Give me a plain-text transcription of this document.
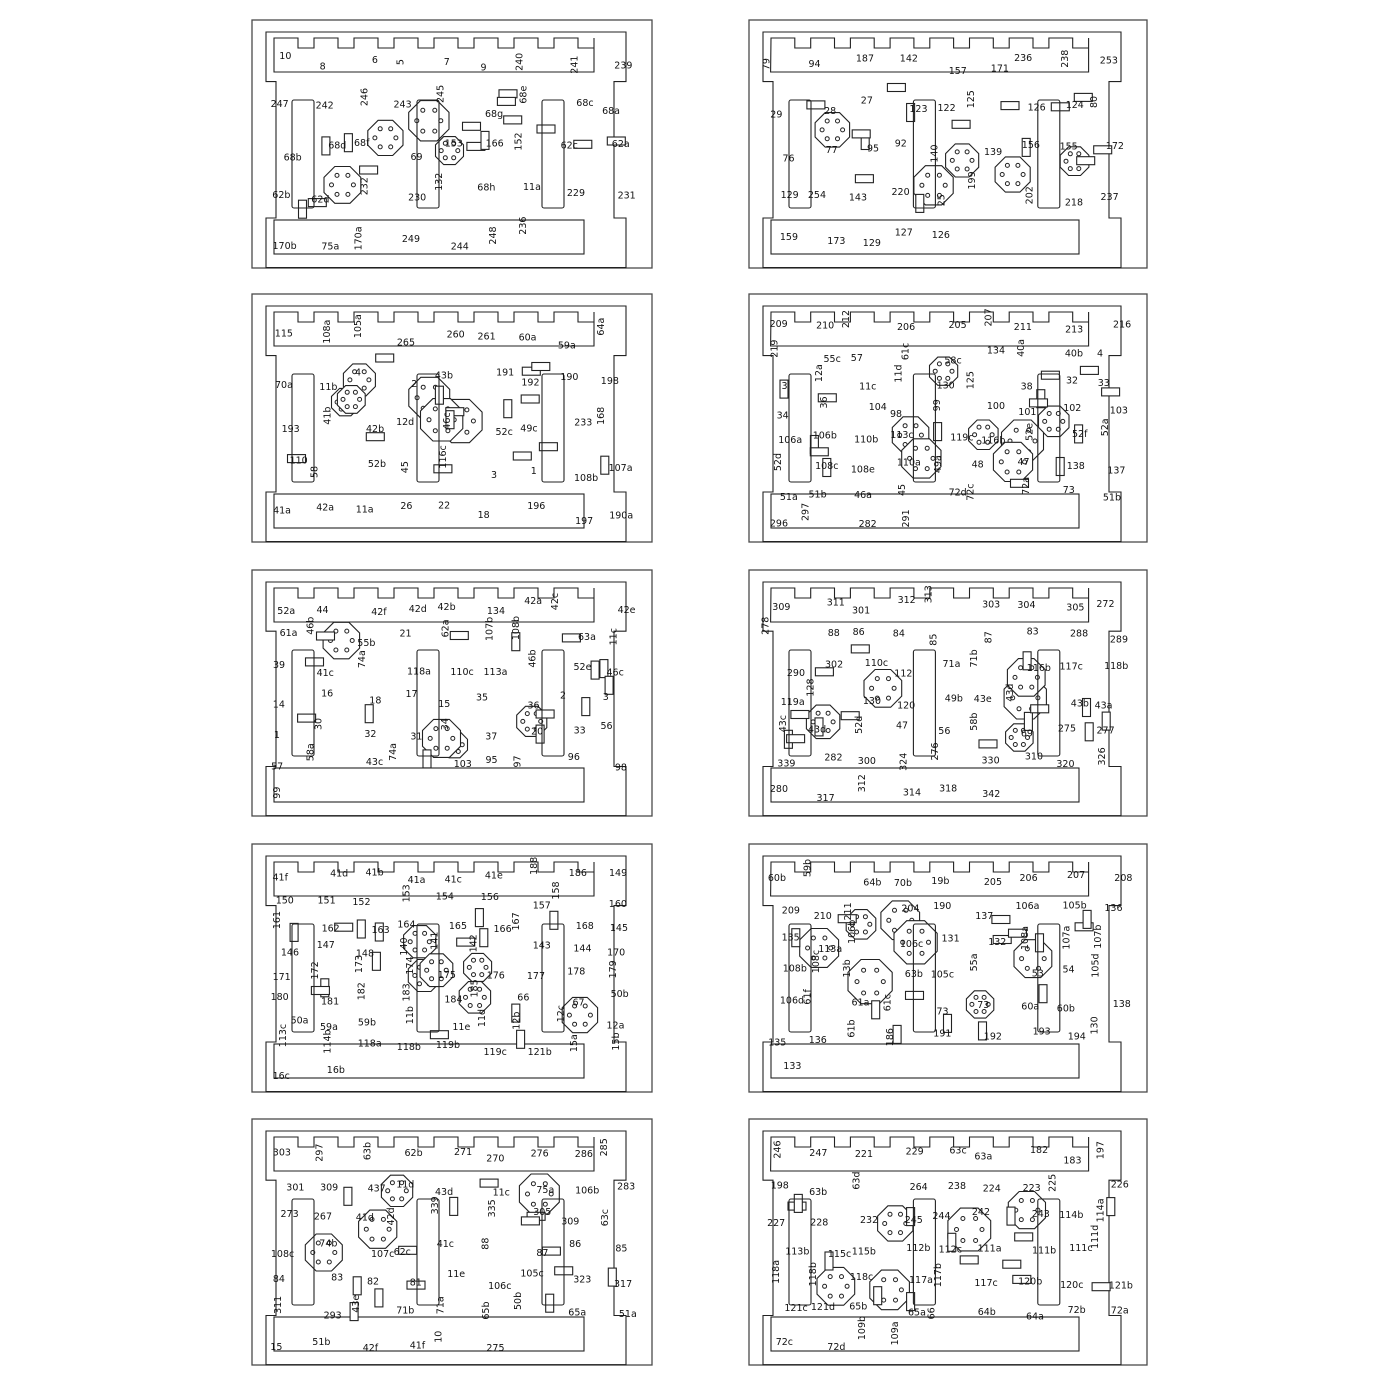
10
8
6 5	7	9	240	241	239
247	242	246 243
245
68g
68e	68c
68a
68b
68d 68f
69
153 166 152	62c	62a
62b 62d
232
230
132	68h	11a
229	231
170b	75a 170a	249
244
248
236
79	94	187	142
157	171
236	238	253
29	28
27
123 122
125	126 124 80
76
77	95 92
140	139
156 155	172
129 254 143	220
25
199
202	218 237
159	173 129
127 126
115	108a 105a
265
260 261 60a
59a
64a
70a	11b
4
2
43b	191
192 190 198
193
41b
42b
12d	46c
52c 49c
233 168
110
58
52b 45	116c
3	1
108b
107a
41a	42a 11a	26	22
18
196
197
190a
209	210 212	206	205 207
211	213	216
219
55c 57	61c
58c
134 40a	40b 4
3
12a
11c
11d
130 125	38
32 33
34
36	104
98
99	100
101	102	103
106a 106b 110b 113c	119c 116b
52e	52f 52a
52d	108c 108e
110a 49a	48	47	138 137
51a 51b	46a	45	72d
72c	72a	73
51b
296
297
282	291
52a 44	42f 42d 42b	134
42a 42c
42e
61a 46b
55b
21	62a	107b 108b	63a 11c
39
41c
74a
118a 110c 113a
46b
52e 46c
14
16
18
17
15
35
36
2	3
1
30
32	31
34
37	20	33 56
57
58a
43c
74a
103 95 97	96
98
99
309	311
301
312 313
303 304	305 272
278	88 86	84 85	87	83	288
289
290
302 110c
112
71a 71b
116b 117c 118b
119a
128
130 120
49b 43e 43d
43b 43a
43c 43d	52d	47	56
58b
69	275 277
339
282 300 324
276
330	310
320 326
280
317
312
314 318
342
41f	41d 41b
41a 41c 41e
188	186 149
150 151 152
153 154	156
157
158
160
161	162	163 164	165	166 167	168 145
146
147
148	140 141	142	143 144 170
171 172	173	174
175	176 177 178 179
180	181
182	183	184
185
66	67
50b
50a
59a 59b	11b
11e
11d 12b	12c
12a
113c	114b	118a 118b 119b
119c 121b
15a	15b
16c
16b
60b
59b
64b 70b 19b	205 206	207	208
209 210 211	204 190
137
106a 105b 136
135
113a
106b
106c
131	132 108a	107a 107b
108b 108c 13b	63b 105c
55a
53 54 105d
106d
61f	61a 61c
73
73	60a 60b	138
135 136
61b	186	191	192	193 194
130
133
303 297	63b	62b	271
270	276	286 285
301 309	437 11d
43d	11c	75a 106b 283
273 267	41d 42d
339	335	305
309 63c
108c
74b
107c 62c
41c	88
87
86	85
84	83	82	81
11e
106c
105c
323 317
311
293
43e	71b 71a	65b
50b
65a	51a
15	51b
42f	41f
10
275
246	247	221	229	63c
63a
182
183
197
198
63b
63d	264 238 224 223 225	226
227	228	232	245 244 242	243 114b 114a
113b 115c 115b	112b 112c 111a	111b 111c
111d
118a	118b	118c	117a 117b	117c 120b 120c	121b
121c 121d 65b
65a 66	64b	64a
72b	72a
72c	72d
109b 109a
